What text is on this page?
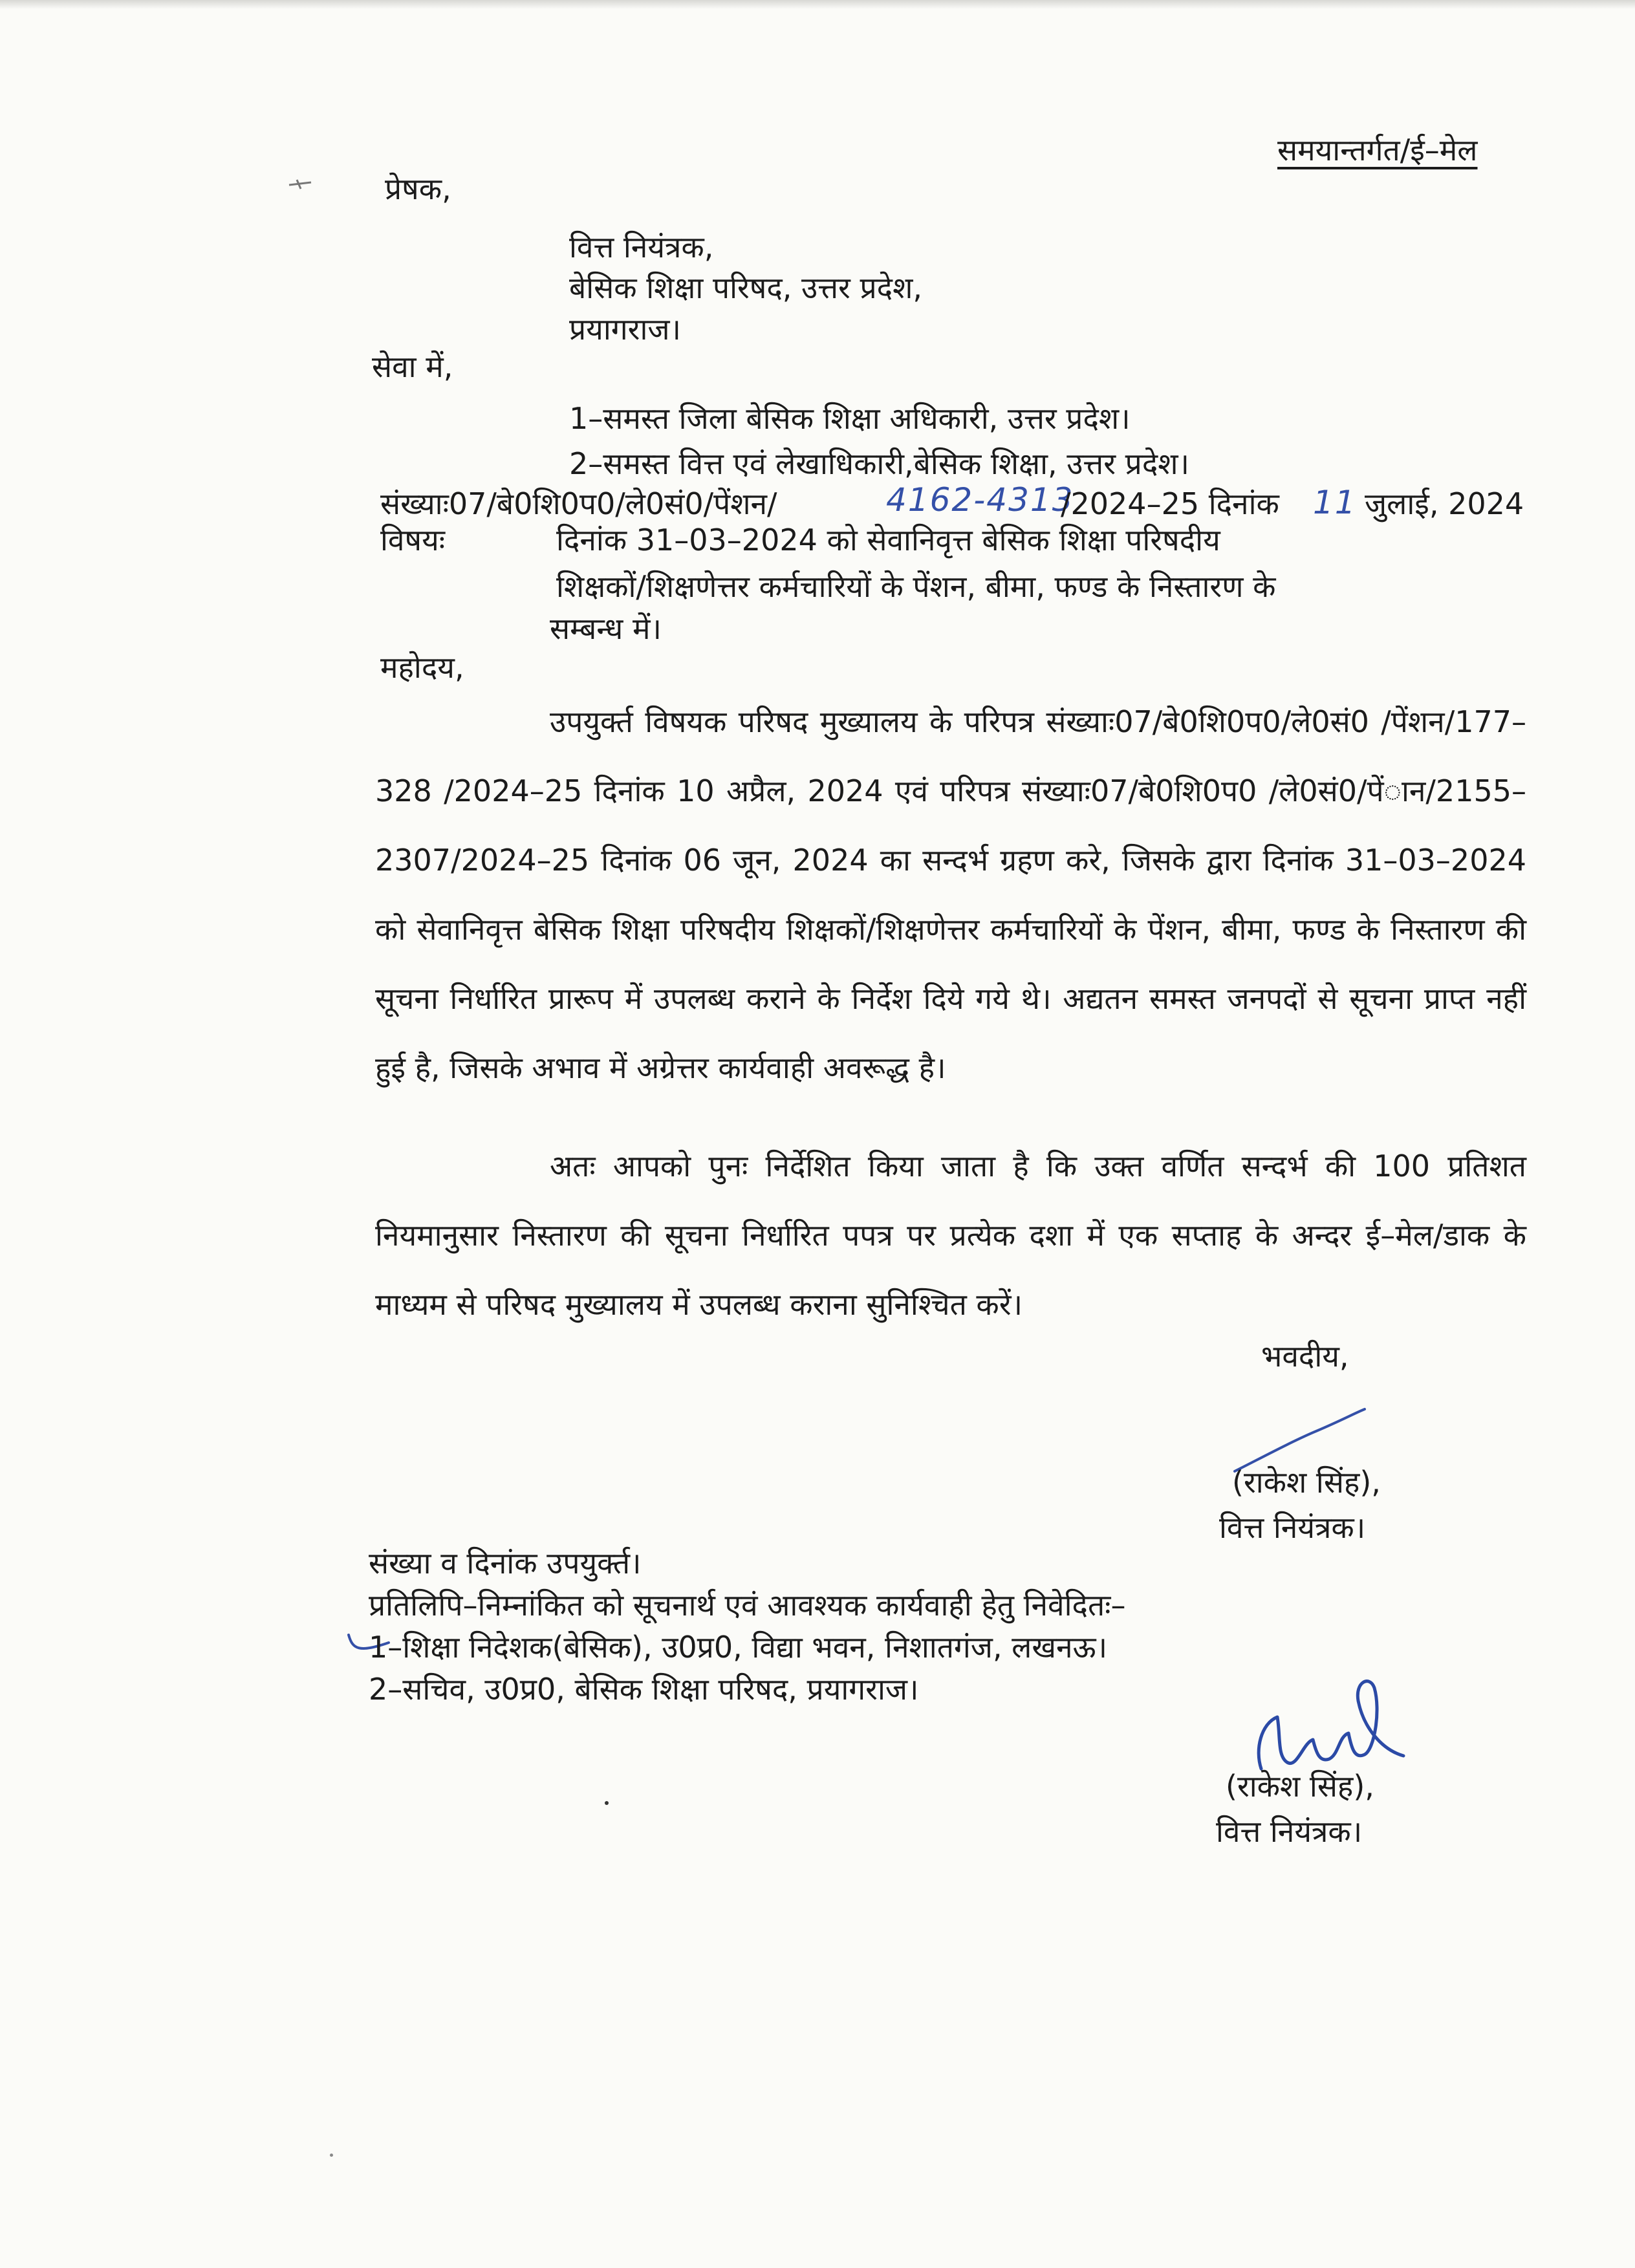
समयान्तर्गत/ई–मेल
प्रेषक,
वित्त नियंत्रक,
बेसिक शिक्षा परिषद, उत्तर प्रदेश,
प्रयागराज।
सेवा में,
1–समस्त जिला बेसिक शिक्षा अधिकारी, उत्तर प्रदेश।
2–समस्त वित्त एवं लेखाधिकारी,बेसिक शिक्षा, उत्तर प्रदेश।
संख्याः07/बे0शि0प0/ले0सं0/पेंशन/	4162-4313
/2024–25 दिनांक 11 जुलाई, 2024
विषयः	दिनांक 31–03–2024 को सेवानिवृत्त बेसिक शिक्षा परिषदीय
शिक्षकों/शिक्षणेत्तर कर्मचारियों के पेंशन, बीमा, फण्ड के निस्तारण के
सम्बन्ध में।
महोदय,
उपयुर्क्त विषयक परिषद मुख्यालय के परिपत्र संख्याः07/बे0शि0प0/ले0सं0 /पेंशन/177–328 /2024–25 दिनांक 10 अप्रैल, 2024 एवं परिपत्र संख्याः07/बे0शि0प0 /ले0सं0/पेंान/2155–2307/2024–25 दिनांक 06 जून, 2024 का सन्दर्भ ग्रहण करे, जिसके द्वारा दिनांक 31–03–2024 को सेवानिवृत्त बेसिक शिक्षा परिषदीय शिक्षकों/शिक्षणेत्तर कर्मचारियों के पेंशन, बीमा, फण्ड के निस्तारण की सूचना निर्धारित प्रारूप में उपलब्ध कराने के निर्देश दिये गये थे। अद्यतन समस्त जनपदों से सूचना प्राप्त नहीं हुई है, जिसके अभाव में अग्रेत्तर कार्यवाही अवरूद्ध है।
अतः आपको पुनः निर्देशित किया जाता है कि उक्त वर्णित सन्दर्भ की 100 प्रतिशत नियमानुसार निस्तारण की सूचना निर्धारित पपत्र पर प्रत्येक दशा में एक सप्ताह के अन्दर ई–मेल/डाक के माध्यम से परिषद मुख्यालय में उपलब्ध कराना सुनिश्चित करें।
भवदीय,
(राकेश सिंह),
वित्त नियंत्रक।
संख्या व दिनांक उपयुर्क्त।
प्रतिलिपि–निम्नांकित को सूचनार्थ एवं आवश्यक कार्यवाही हेतु निवेदितः–
1–शिक्षा निदेशक(बेसिक), उ0प्र0, विद्या भवन, निशातगंज, लखनऊ।
2–सचिव, उ0प्र0, बेसिक शिक्षा परिषद, प्रयागराज।
(राकेश सिंह),
वित्त नियंत्रक।
